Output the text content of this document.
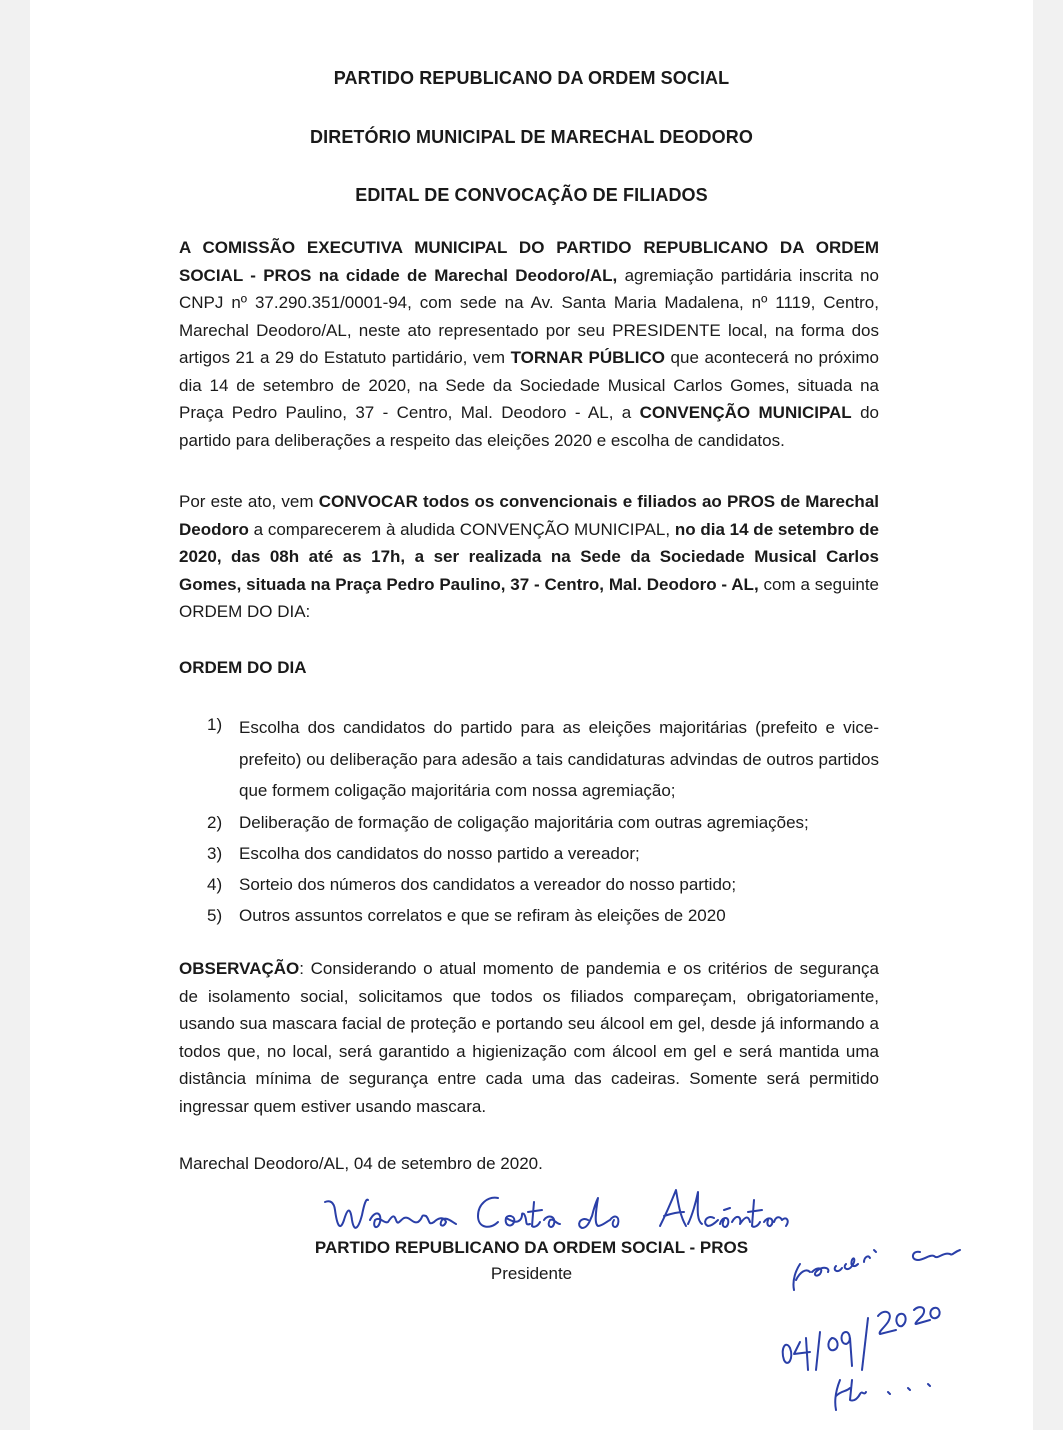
PARTIDO REPUBLICANO DA ORDEM SOCIAL
DIRETÓRIO MUNICIPAL DE MARECHAL DEODORO
EDITAL DE CONVOCAÇÃO DE FILIADOS
A COMISSÃO EXECUTIVA MUNICIPAL DO PARTIDO REPUBLICANO DA ORDEM SOCIAL - PROS na cidade de Marechal Deodoro/AL, agremiação partidária inscrita no CNPJ nº 37.290.351/0001-94, com sede na Av. Santa Maria Madalena, nº 1119, Centro, Marechal Deodoro/AL, neste ato representado por seu PRESIDENTE local, na forma dos artigos 21 a 29 do Estatuto partidário, vem TORNAR PÚBLICO que acontecerá no próximo dia 14 de setembro de 2020, na Sede da Sociedade Musical Carlos Gomes, situada na Praça Pedro Paulino, 37 - Centro, Mal. Deodoro - AL, a CONVENÇÃO MUNICIPAL do partido para deliberações a respeito das eleições 2020 e escolha de candidatos.
Por este ato, vem CONVOCAR todos os convencionais e filiados ao PROS de Marechal Deodoro a comparecerem à aludida CONVENÇÃO MUNICIPAL, no dia 14 de setembro de 2020, das 08h até as 17h, a ser realizada na Sede da Sociedade Musical Carlos Gomes, situada na Praça Pedro Paulino, 37 - Centro, Mal. Deodoro - AL, com a seguinte ORDEM DO DIA:
ORDEM DO DIA
1) Escolha dos candidatos do partido para as eleições majoritárias (prefeito e vice-prefeito) ou deliberação para adesão a tais candidaturas advindas de outros partidos que formem coligação majoritária com nossa agremiação;
2) Deliberação de formação de coligação majoritária com outras agremiações;
3) Escolha dos candidatos do nosso partido a vereador;
4) Sorteio dos números dos candidatos a vereador do nosso partido;
5) Outros assuntos correlatos e que se refiram às eleições de 2020
OBSERVAÇÃO: Considerando o atual momento de pandemia e os critérios de segurança de isolamento social, solicitamos que todos os filiados compareçam, obrigatoriamente, usando sua mascara facial de proteção e portando seu álcool em gel, desde já informando a todos que, no local, será garantido a higienização com álcool em gel e será mantida uma distância mínima de segurança entre cada uma das cadeiras. Somente será permitido ingressar quem estiver usando mascara.
Marechal Deodoro/AL, 04 de setembro de 2020.
PARTIDO REPUBLICANO DA ORDEM SOCIAL - PROS
Presidente
